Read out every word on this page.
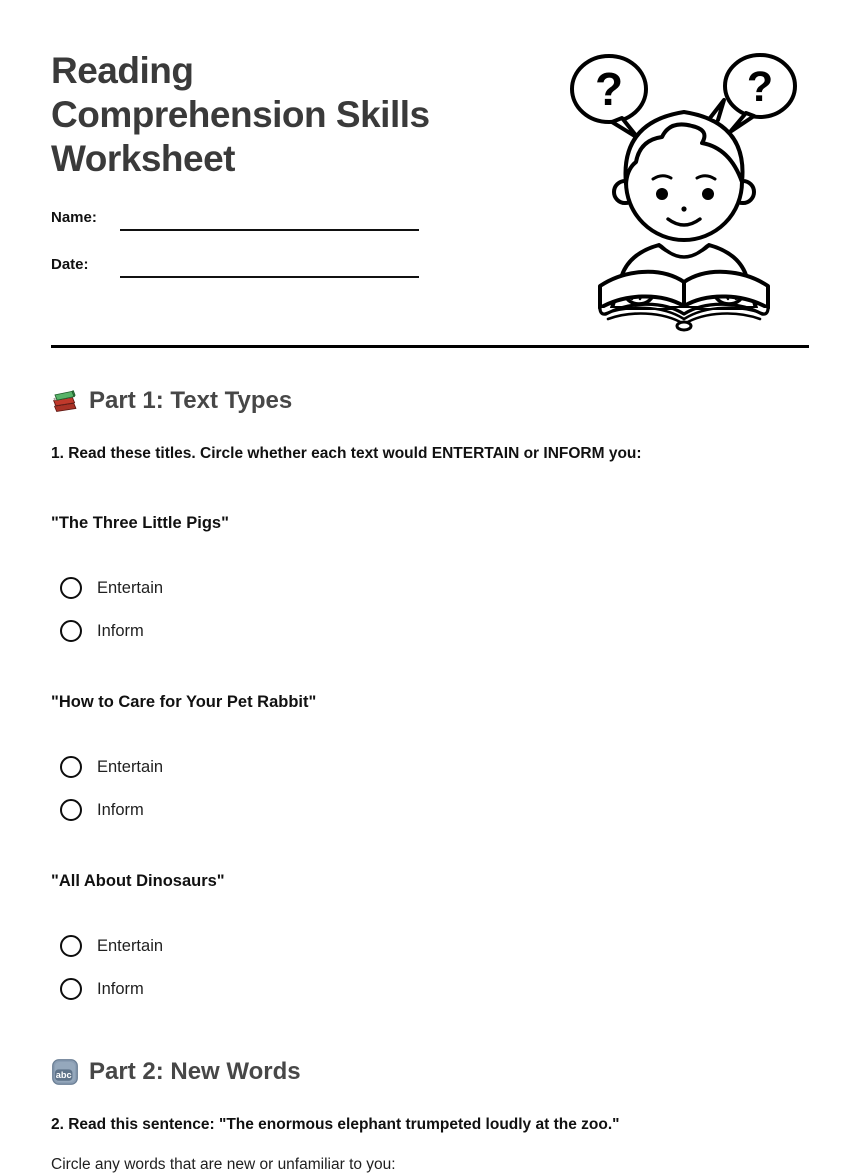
Reading
Comprehension Skills
Worksheet
?	?
Name:
Date:
Part 1: Text Types

1. Read these titles. Circle whether each text would ENTERTAIN or INFORM you:

"The Three Little Pigs"

Entertain
Inform

"How to Care for Your Pet Rabbit"

Entertain
Inform

"All About Dinosaurs"

Entertain
Inform
abc Part 2: New Words

2. Read this sentence: "The enormous elephant trumpeted loudly at the zoo."

Circle any words that are new or unfamiliar to you:
